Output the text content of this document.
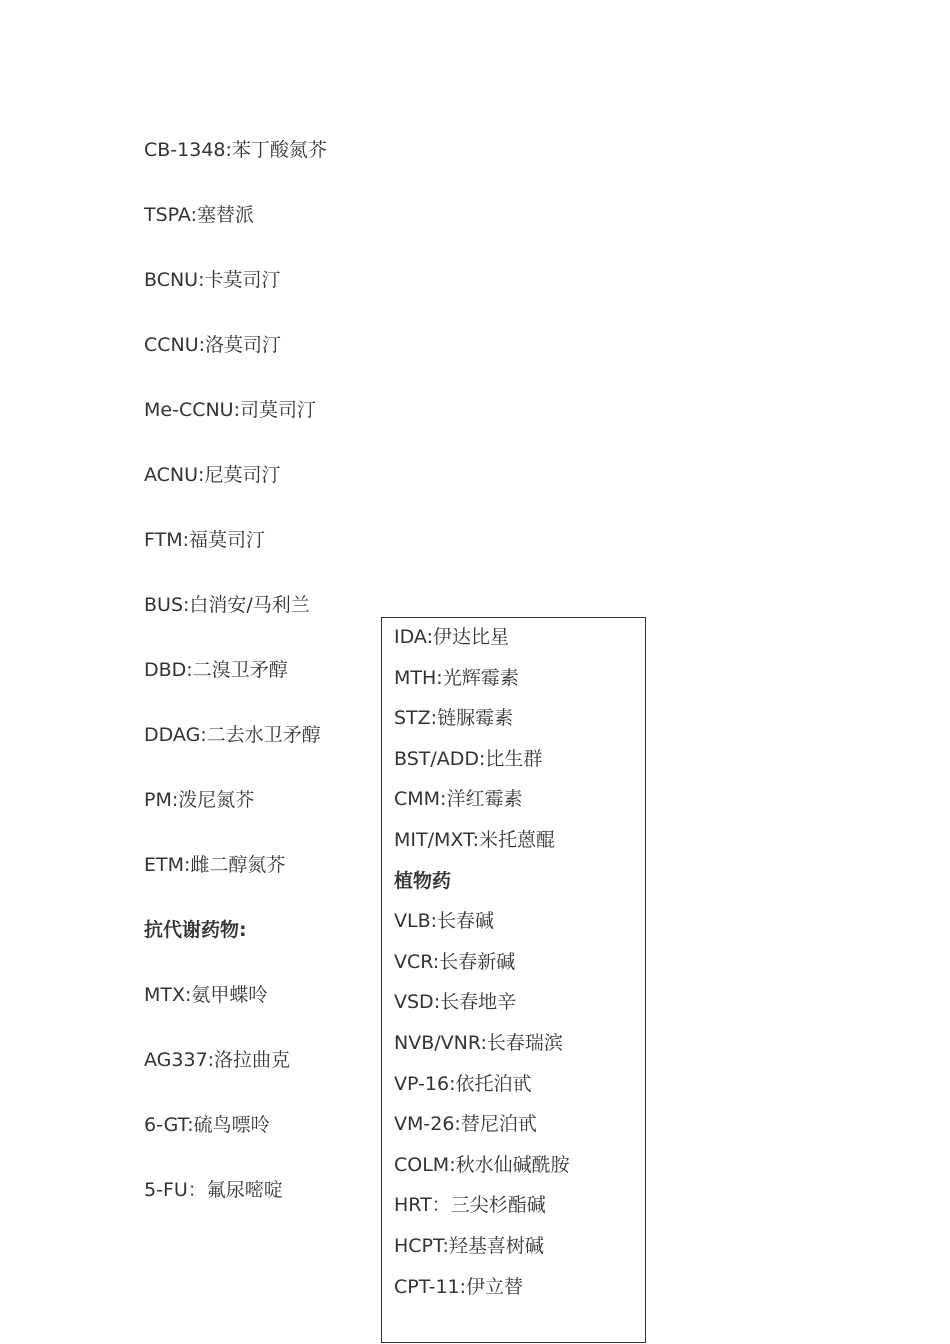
CB-1348:苯丁酸氮芥
TSPA:塞替派
BCNU:卡莫司汀
CCNU:洛莫司汀
Me-CCNU:司莫司汀
ACNU:尼莫司汀
FTM:福莫司汀
BUS:白消安/马利兰
DBD:二溴卫矛醇
DDAG:二去水卫矛醇
PM:泼尼氮芥
ETM:雌二醇氮芥
抗代谢药物:
MTX:氨甲蝶呤
AG337:洛拉曲克
6-GT:硫鸟嘌呤
5-FU：氟尿嘧啶
IDA:伊达比星
MTH:光辉霉素
STZ:链脲霉素
BST/ADD:比生群
CMM:洋红霉素
MIT/MXT:米托蒽醌
植物药
VLB:长春碱
VCR:长春新碱
VSD:长春地辛
NVB/VNR:长春瑞滨
VP-16:依托泊甙
VM-26:替尼泊甙
COLM:秋水仙碱酰胺
HRT：三尖杉酯碱
HCPT:羟基喜树碱
CPT-11:伊立替
